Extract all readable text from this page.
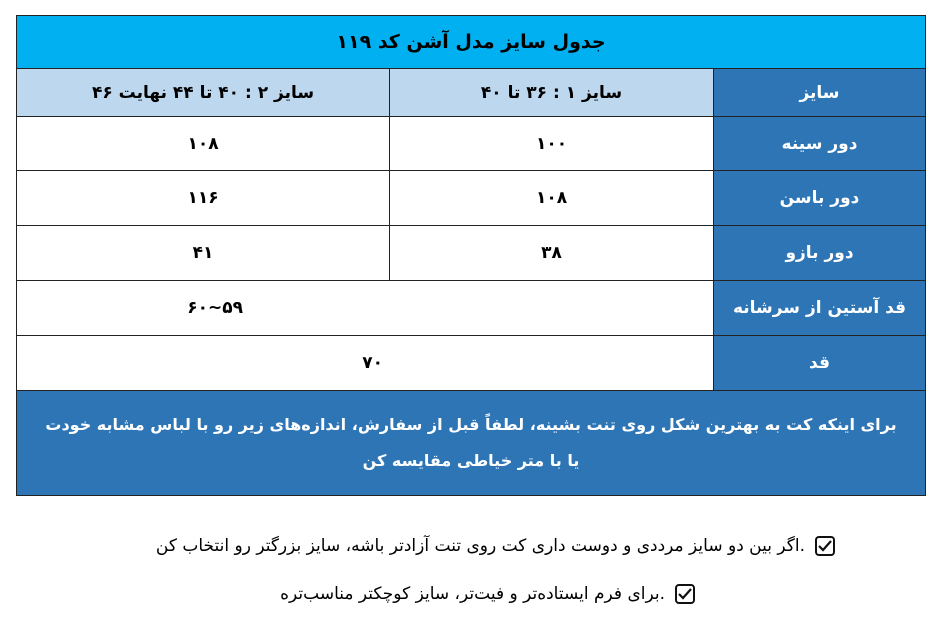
جدول سایز مدل آشن کد ۱۱۹
سایز
سایز ۱ : ۳۶ تا ۴۰
سایز ۲ : ۴۰ تا ۴۴ نهایت ۴۶
دور سینه
۱۰۰
۱۰۸
دور باسن
۱۰۸
۱۱۶
دور بازو
۳۸
۴۱
قد آستین از سرشانه
۵۹~۶۰
قد
۷۰
برای اینکه کت به بهترین شکل روی تنت بشینه، لطفاً قبل از سفارش، اندازه‌های زیر رو با لباس مشابه خودت یا با متر خیاطی مقایسه کن
.اگر بین دو سایز مرددی و دوست داری کت روی تنت آزادتر باشه، سایز بزرگتر رو انتخاب کن
.برای فرم ایستاده‌تر و فیت‌تر، سایز کوچکتر مناسب‌تره
